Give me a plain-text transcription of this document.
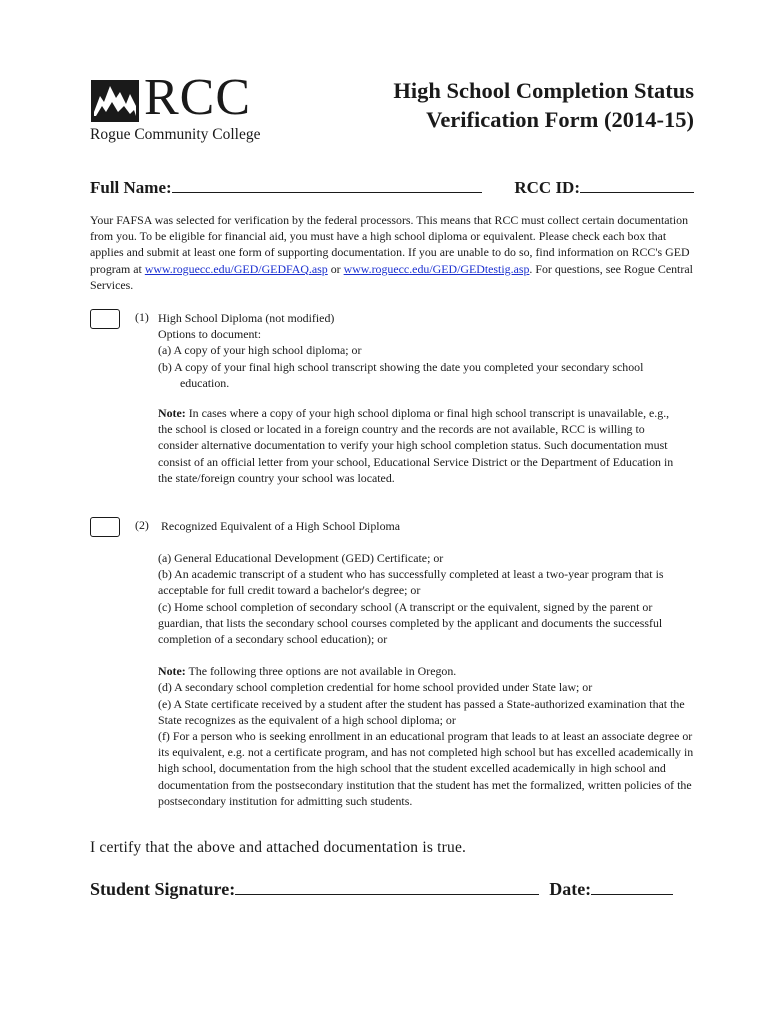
RCC
Rogue Community College
High School Completion Status
Verification Form (2014-15)
Full Name:	RCC ID:
Your FAFSA was selected for verification by the federal processors. This means that RCC must collect certain documentation from you. To be eligible for financial aid, you must have a high school diploma or equivalent. Please check each box that applies and submit at least one form of supporting documentation. If you are unable to do so, find information on RCC's GED program at www.roguecc.edu/GED/GEDFAQ.asp or www.roguecc.edu/GED/GEDtestig.asp. For questions, see Rogue Central Services.
(1) High School Diploma (not modified)

Options to document:

(a) A copy of your high school diploma; or

(b) A copy of your final high school transcript showing the date you completed your secondary school education.

Note: In cases where a copy of your high school diploma or final high school transcript is unavailable, e.g., the school is closed or located in a foreign country and the records are not available, RCC is willing to consider alternative documentation to verify your high school completion status. Such documentation must consist of an official letter from your school, Educational Service District or the Department of Education in the state/foreign country your school was located.

(2) Recognized Equivalent of a High School Diploma

(a) General Educational Development (GED) Certificate; or

(b) An academic transcript of a student who has successfully completed at least a two-year program that is acceptable for full credit toward a bachelor's degree; or

(c) Home school completion of secondary school (A transcript or the equivalent, signed by the parent or guardian, that lists the secondary school courses completed by the applicant and documents the successful completion of a secondary school education); or

Note: The following three options are not available in Oregon.

(d) A secondary school completion credential for home school provided under State law; or

(e) A State certificate received by a student after the student has passed a State-authorized examination that the State recognizes as the equivalent of a high school diploma; or

(f) For a person who is seeking enrollment in an educational program that leads to at least an associate degree or its equivalent, e.g. not a certificate program, and has not completed high school but has excelled academically in high school, documentation from the high school that the student excelled academically in high school and documentation from the postsecondary institution that the student has met the formalized, written policies of the postsecondary institution for admitting such students.

I certify that the above and attached documentation is true.
Student Signature:	Date:
